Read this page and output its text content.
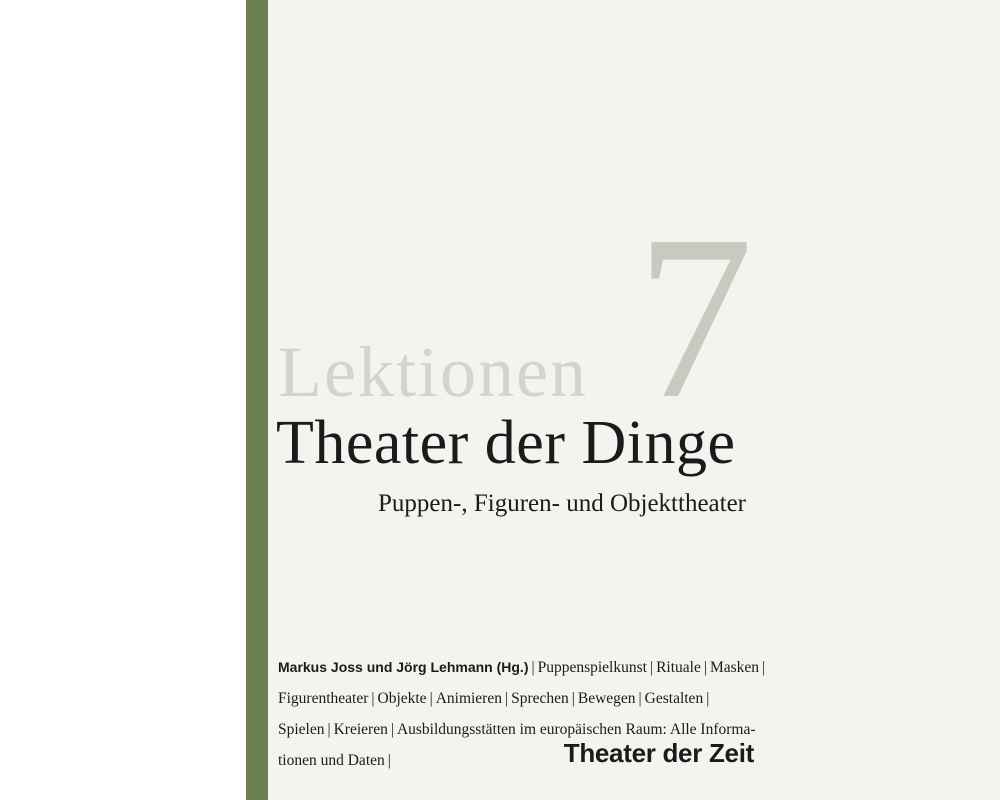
7
Lektionen
Theater der Dinge
Puppen-, Figuren- und Objekttheater
Markus Joss und Jörg Lehmann (Hg.) | Puppenspielkunst | Rituale | Masken |
Figurentheater | Objekte | Animieren | Sprechen | Bewegen | Gestalten |
Spielen | Kreieren | Ausbildungsstätten im europäischen Raum: Alle Informa-
tionen und Daten |	Theater der Zeit
